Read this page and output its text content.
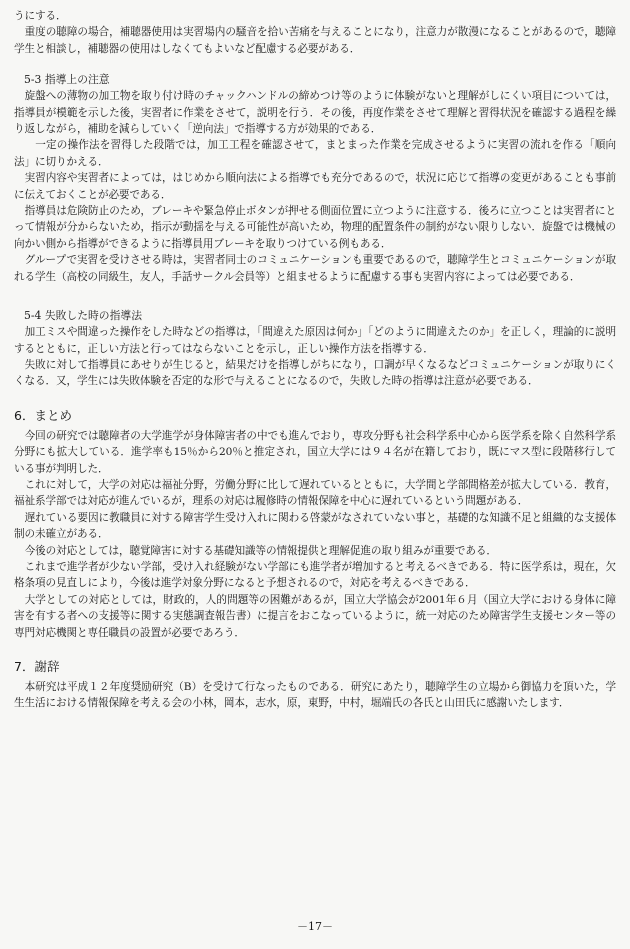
うにする．

重度の聴障の場合，補聴器使用は実習場内の騒音を拾い苦痛を与えることになり，注意力が散漫になることがあるので，聴障学生と相談し，補聴器の使用はしなくてもよいなど配慮する必要がある．

5-3 指導上の注意

旋盤への薄物の加工物を取り付け時のチャックハンドルの締めつけ等のように体験がないと理解がしにくい項目については，指導員が模範を示した後，実習者に作業をさせて，説明を行う．その後，再度作業をさせて理解と習得状況を確認する過程を繰り返しながら，補助を減らしていく「逆向法」で指導する方が効果的である．

一定の操作法を習得した段階では，加工工程を確認させて，まとまった作業を完成させるように実習の流れを作る「順向法」に切りかえる．

実習内容や実習者によっては，はじめから順向法による指導でも充分であるので，状況に応じて指導の変更があることも事前に伝えておくことが必要である．

指導員は危険防止のため，ブレーキや緊急停止ボタンが押せる側面位置に立つように注意する．後ろに立つことは実習者にとって情報が分からないため，指示が動揺を与える可能性が高いため，物理的配置条件の制約がない限りしない．旋盤では機械の向かい側から指導ができるように指導員用ブレーキを取りつけている例もある．

グループで実習を受けさせる時は，実習者同士のコミュニケーションも重要であるので，聴障学生とコミュニケーションが取れる学生（高校の同級生，友人，手話サークル会員等）と組ませるように配慮する事も実習内容によっては必要である．

5-4 失敗した時の指導法

加工ミスや間違った操作をした時などの指導は，「間違えた原因は何か」「どのように間違えたのか」を正しく，理論的に説明するとともに，正しい方法と行ってはならないことを示し，正しい操作方法を指導する．

失敗に対して指導員にあせりが生じると，結果だけを指導しがちになり，口調が早くなるなどコミュニケーションが取りにくくなる．又，学生には失敗体験を否定的な形で与えることになるので，失敗した時の指導は注意が必要である．

6．まとめ

今回の研究では聴障者の大学進学が身体障害者の中でも進んでおり，専攻分野も社会科学系中心から医学系を除く自然科学系分野にも拡大している．進学率も15％から20％と推定され，国立大学には９４名が在籍しており，既にマス型に段階移行している事が判明した．

これに対して，大学の対応は福祉分野，労働分野に比して遅れているとともに，大学間と学部間格差が拡大している．教育，福祉系学部では対応が進んでいるが，理系の対応は履修時の情報保障を中心に遅れているという問題がある．

遅れている要因に教職員に対する障害学生受け入れに関わる啓蒙がなされていない事と，基礎的な知識不足と組織的な支援体制の未確立がある．

今後の対応としては，聴覚障害に対する基礎知識等の情報提供と理解促進の取り組みが重要である．

これまで進学者が少ない学部，受け入れ経験がない学部にも進学者が増加すると考えるべきである．特に医学系は，現在，欠格条項の見直しにより，今後は進学対象分野になると予想されるので，対応を考えるべきである．

大学としての対応としては，財政的，人的問題等の困難があるが，国立大学協会が2001年６月（国立大学における身体に障害を有する者への支援等に関する実態調査報告書）に提言をおこなっているように，統一対応のため障害学生支援センター等の専門対応機関と専任職員の設置が必要であろう．

7．謝辞

本研究は平成１２年度奨励研究（B）を受けて行なったものである．研究にあたり，聴障学生の立場から御協力を頂いた，学生生活における情報保障を考える会の小林，岡本，志水，原，東野，中村，堀端氏の各氏と山田氏に感謝いたします．

－17－
